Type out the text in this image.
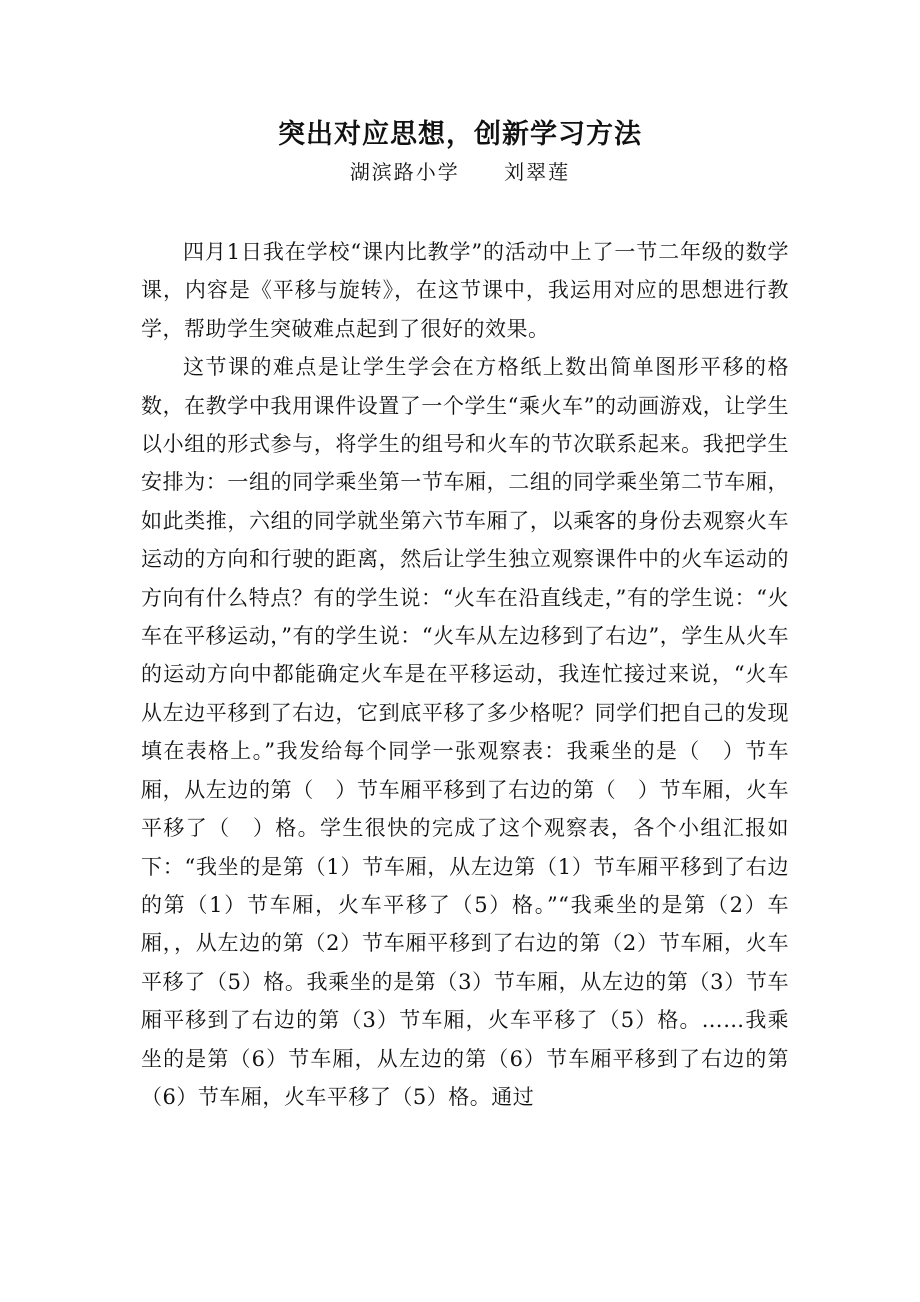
突出对应思想，创新学习方法
湖滨路小学 刘翠莲

四月1日我在学校“课内比教学”的活动中上了一节二年级的数学课，内容是《平移与旋转》，在这节课中，我运用对应的思想进行教学，帮助学生突破难点起到了很好的效果。

这节课的难点是让学生学会在方格纸上数出简单图形平移的格数，在教学中我用课件设置了一个学生“乘火车”的动画游戏，让学生以小组的形式参与，将学生的组号和火车的节次联系起来。我把学生安排为：一组的同学乘坐第一节车厢，二组的同学乘坐第二节车厢，如此类推，六组的同学就坐第六节车厢了，以乘客的身份去观察火车运动的方向和行驶的距离，然后让学生独立观察课件中的火车运动的方向有什么特点？有的学生说：“火车在沿直线走，”有的学生说：“火车在平移运动，”有的学生说：“火车从左边移到了右边”，学生从火车的运动方向中都能确定火车是在平移运动，我连忙接过来说，“火车从左边平移到了右边，它到底平移了多少格呢？同学们把自己的发现填在表格上。”我发给每个同学一张观察表：我乘坐的是（　）节车厢，从左边的第（　）节车厢平移到了右边的第（　）节车厢，火车平移了（　）格。学生很快的完成了这个观察表，各个小组汇报如下：“我坐的是第（1）节车厢，从左边第（1）节车厢平移到了右边的第（1）节车厢，火车平移了（5）格。”“我乘坐的是第（2）车厢，，从左边的第（2）节车厢平移到了右边的第（2）节车厢，火车平移了（5）格。我乘坐的是第（3）节车厢，从左边的第（3）节车厢平移到了右边的第（3）节车厢，火车平移了（5）格。……我乘坐的是第（6）节车厢，从左边的第（6）节车厢平移到了右边的第（6）节车厢，火车平移了（5）格。通过
